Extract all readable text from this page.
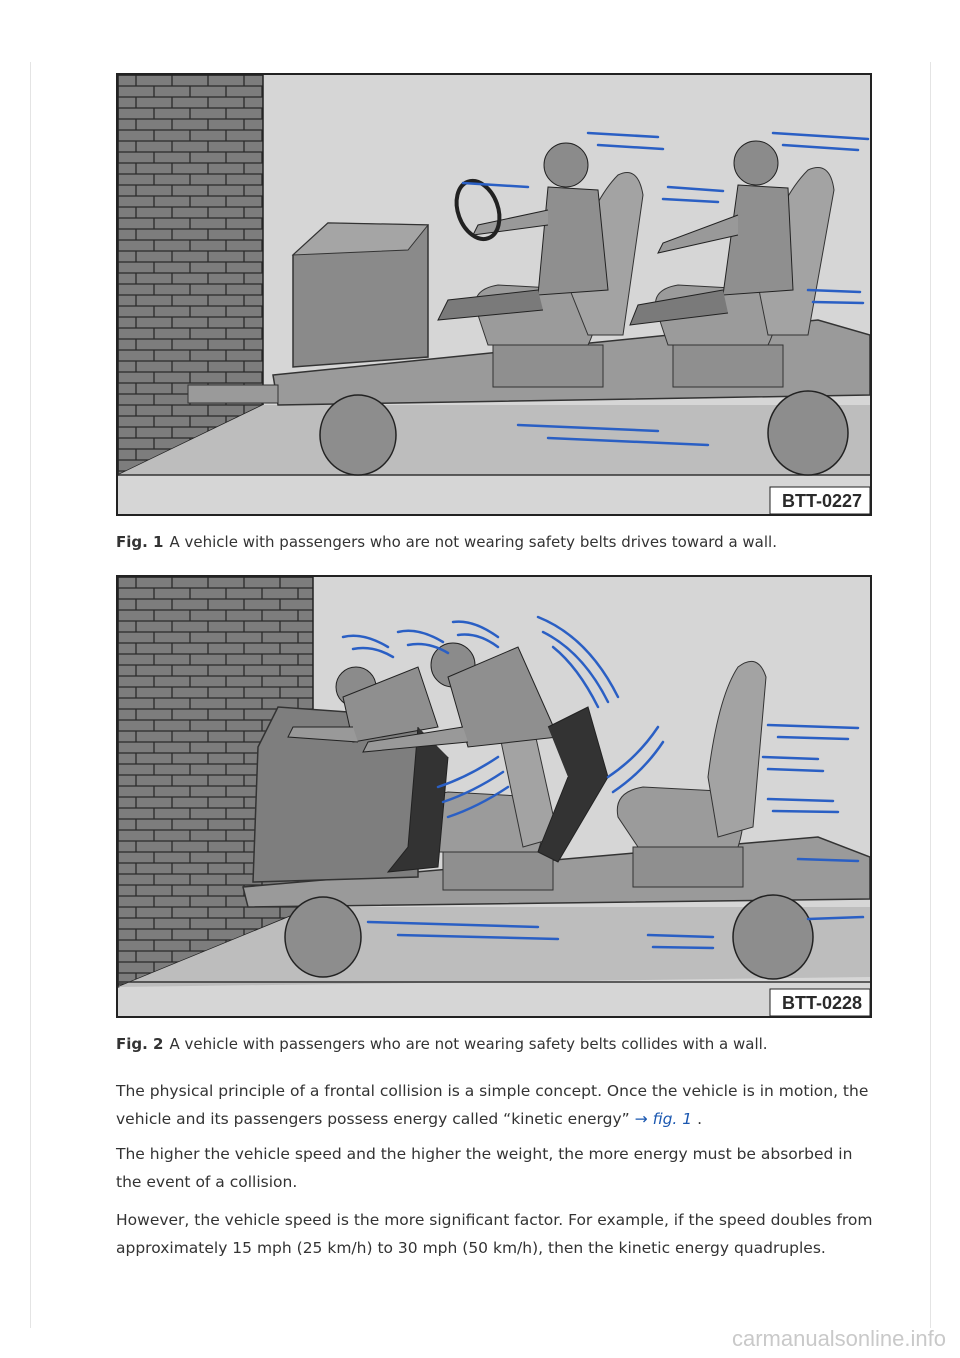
BTT-0227
Fig. 1 A vehicle with passengers who are not wearing safety belts drives toward a wall.
BTT-0228
Fig. 2 A vehicle with passengers who are not wearing safety belts collides with a wall.

The physical principle of a frontal collision is a simple concept. Once the vehicle is in motion, the vehicle and its passengers possess energy called “kinetic energy” → fig. 1 .

The higher the vehicle speed and the higher the weight, the more energy must be absorbed in the event of a collision.

However, the vehicle speed is the more significant factor. For example, if the speed doubles from approximately 15 mph (25 km/h) to 30 mph (50 km/h), then the kinetic energy quadruples.

carmanualsonline.info
